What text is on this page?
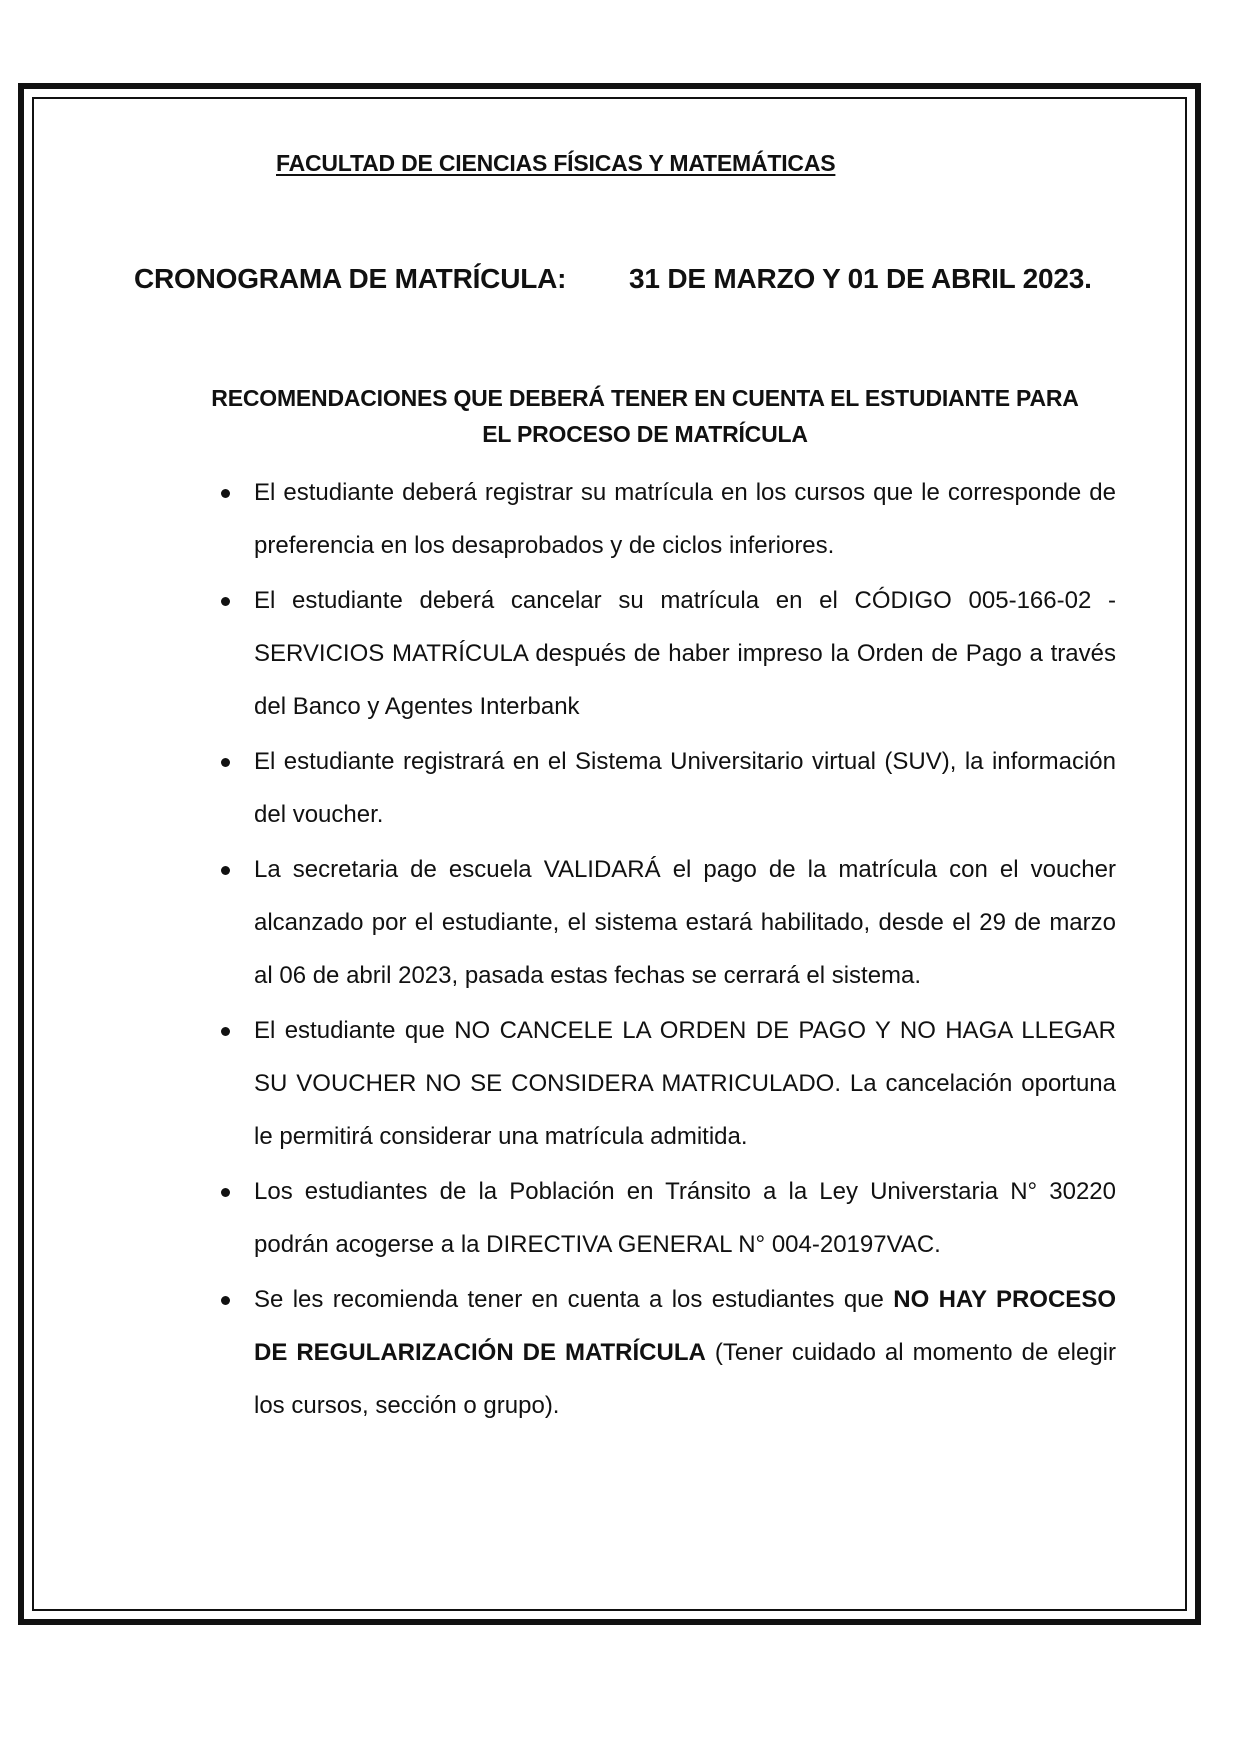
FACULTAD DE CIENCIAS FÍSICAS Y MATEMÁTICAS
CRONOGRAMA DE MATRÍCULA:	31 DE MARZO Y 01 DE ABRIL 2023.
RECOMENDACIONES QUE DEBERÁ TENER EN CUENTA EL ESTUDIANTE PARA
EL PROCESO DE MATRÍCULA
El estudiante deberá registrar su matrícula en los cursos que le corresponde de preferencia en los desaprobados y de ciclos inferiores.
El estudiante deberá cancelar su matrícula en el CÓDIGO 005-166-02 - SERVICIOS MATRÍCULA después de haber impreso la Orden de Pago a través del Banco y Agentes Interbank
El estudiante registrará en el Sistema Universitario virtual (SUV), la información del voucher.
La secretaria de escuela VALIDARÁ el pago de la matrícula con el voucher alcanzado por el estudiante, el sistema estará habilitado, desde el 29 de marzo al 06 de abril 2023, pasada estas fechas se cerrará el sistema.
El estudiante que NO CANCELE LA ORDEN DE PAGO Y NO HAGA LLEGAR SU VOUCHER NO SE CONSIDERA MATRICULADO. La cancelación oportuna le permitirá considerar una matrícula admitida.
Los estudiantes de la Población en Tránsito a la Ley Universtaria N° 30220 podrán acogerse a la DIRECTIVA GENERAL N° 004-20197VAC.
Se les recomienda tener en cuenta a los estudiantes que NO HAY PROCESO DE REGULARIZACIÓN DE MATRÍCULA (Tener cuidado al momento de elegir los cursos, sección o grupo).
